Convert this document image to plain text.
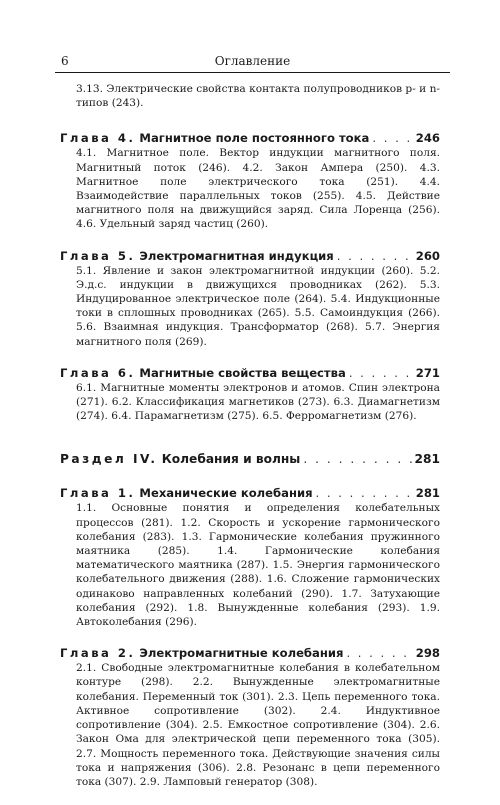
6	Оглавление

3.13. Электрические свойства контакта полупроводников p- и n-типов (243).

Глава 4. Магнитное поле постоянного тока . . .	246

4.1. Магнитное поле. Вектор индукции магнитного поля. Магнитный поток (246). 4.2. Закон Ампера (250). 4.3. Магнитное поле электрического тока (251). 4.4. Взаимодействие параллельных токов (255). 4.5. Действие магнитного поля на движущийся заряд. Сила Лоренца (256). 4.6. Удельный заряд частиц (260).

Глава 5. Электромагнитная индукция . . .	260

5.1. Явление и закон электромагнитной индукции (260). 5.2. Э.д.с. индукции в движущихся проводниках (262). 5.3. Индуцированное электрическое поле (264). 5.4. Индукционные токи в сплошных проводниках (265). 5.5. Самоиндукция (266). 5.6. Взаимная индукция. Трансформатор (268). 5.7. Энергия магнитного поля (269).

Глава 6. Магнитные свойства вещества . . .	271

6.1. Магнитные моменты электронов и атомов. Спин электрона (271). 6.2. Классификация магнетиков (273). 6.3. Диамагнетизм (274). 6.4. Парамагнетизм (275). 6.5. Ферромагнетизм (276).

Раздел IV. Колебания и волны . . .	281
Глава 1. Механические колебания . . .	281

1.1. Основные понятия и определения колебательных процессов (281). 1.2. Скорость и ускорение гармонического колебания (283). 1.3. Гармонические колебания пружинного маятника (285). 1.4. Гармонические колебания математического маятника (287). 1.5. Энергия гармонического колебательного движения (288). 1.6. Сложение гармонических одинаково направленных колебаний (290). 1.7. Затухающие колебания (292). 1.8. Вынужденные колебания (293). 1.9. Автоколебания (296).

Глава 2. Электромагнитные колебания . . .	298

2.1. Свободные электромагнитные колебания в колебательном контуре (298). 2.2. Вынужденные электромагнитные колебания. Переменный ток (301). 2.3. Цепь переменного тока. Активное сопротивление (302). 2.4. Индуктивное сопротивление (304). 2.5. Емкостное сопротивление (304). 2.6. Закон Ома для электрической цепи переменного тока (305). 2.7. Мощность переменного тока. Действующие значения силы тока и напряжения (306). 2.8. Резонанс в цепи переменного тока (307). 2.9. Ламповый генератор (308).
